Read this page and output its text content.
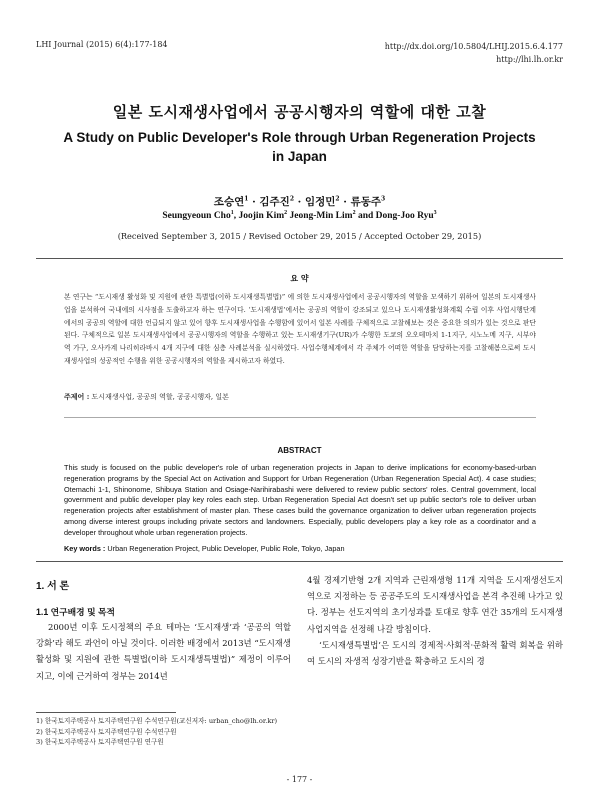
LHI Journal (2015) 6(4):177-184	http://dx.doi.org/10.5804/LHIJ.2015.6.4.177
http://lhi.lh.or.kr
일본 도시재생사업에서 공공시행자의 역할에 대한 고찰
A Study on Public Developer's Role through Urban Regeneration Projects in Japan
조승연$^1$ · 김주진$^2$ · 임정민$^2$ · 류동주$^3$
Seungyeoun Cho$^1$, Joojin Kim$^2$ Jeong-Min Lim$^2$ and Dong-Joo Ryu$^3$
(Received September 3, 2015 / Revised October 29, 2015 / Accepted October 29, 2015)
요 약
본 연구는 “도시재생 활성화 및 지원에 관한 특별법(이하 도시재생특별법)” 에 의한 도시재생사업에서 공공시행자의 역할을 모색하기 위하여 일본의 도시재생사업을 분석하여 국내에의 시사점을 도출하고자 하는 연구이다. ‘도시재생법’에서는 공공의 역할이 강조되고 있으나 도시재생활성화계획 수립 이후 사업시행단계에서의 공공의 역할에 대한 언급되지 않고 있어 향후 도시재생사업을 수행함에 있어서 일본 사례를 구체적으로 고찰해보는 것은 중요한 의의가 있는 것으로 판단된다. 구체적으로 일본 도시재생사업에서 공공시행자의 역할을 수행하고 있는 도시재생기구(UR)가 수행한 도쿄의 오오테마치 1-1지구, 시노노메 지구, 시부야역 가구, 오사카계 나리히라바시 4개 지구에 대한 심층 사례분석을 실시하였다. 사업수행체계에서 각 주체가 어떠한 역할을 담당하는지를 고찰해봄으로써 도시재생사업의 성공적인 수행을 위한 공공시행자의 역할을 제시하고자 하였다.
주제어 : 도시재생사업, 공공의 역할, 공공시행자, 일본
ABSTRACT
This study is focused on the public developer's role of urban regeneration projects in Japan to derive implications for economy-based-urban regeneration programs by the Special Act on Activation and Support for Urban Regeneration (Urban Regeneration Special Act). 4 case studies; Otemachi 1-1, Shinonome, Shibuya Station and Osiage-Narihirabashi were delivered to review public sectors' roles. Central government, local government and public developer play key roles each step. Urban Regeneration Special Act doesn't set up public sector's role to deliver urban regeneration projects after establishment of master plan. These cases build the governance organization to deliver urban regeneration projects among diverse interest groups including private sectors and landowners. Especially, public developers play a key role as a coordinator and a developer throughout whole urban regeneration projects.
Key words : Urban Regeneration Project, Public Developer, Public Role, Tokyo, Japan
1. 서 론
1.1 연구배경 및 목적
2000년 이후 도시정책의 주요 테마는 ‘도시재생’과 ‘공공의 역할 강화’라 해도 과언이 아닐 것이다. 이러한 배경에서 2013년 “도시재생활성화 및 지원에 관한 특별법(이하 도시재생특별법)” 제정이 이루어지고, 이에 근거하여 정부는 2014년

4월 경제기반형 2개 지역과 근린재생형 11개 지역을 도시재생선도지역으로 지정하는 등 공공주도의 도시재생사업을 본격 추진해 나가고 있다. 정부는 선도지역의 초기성과를 토대로 향후 연간 35개의 도시재생사업지역을 선정해 나갈 방침이다.

‘도시재생특별법’은 도시의 경제적·사회적·문화적 활력 회복을 위하여 도시의 자생적 성장기반을 확충하고 도시의 경

1) 한국토지주택공사 토지주택연구원 수석연구원(교신저자: urban_cho@lh.or.kr)
2) 한국토지주택공사 토지주택연구원 수석연구원
3) 한국토지주택공사 토지주택연구원 연구원
- 177 -
